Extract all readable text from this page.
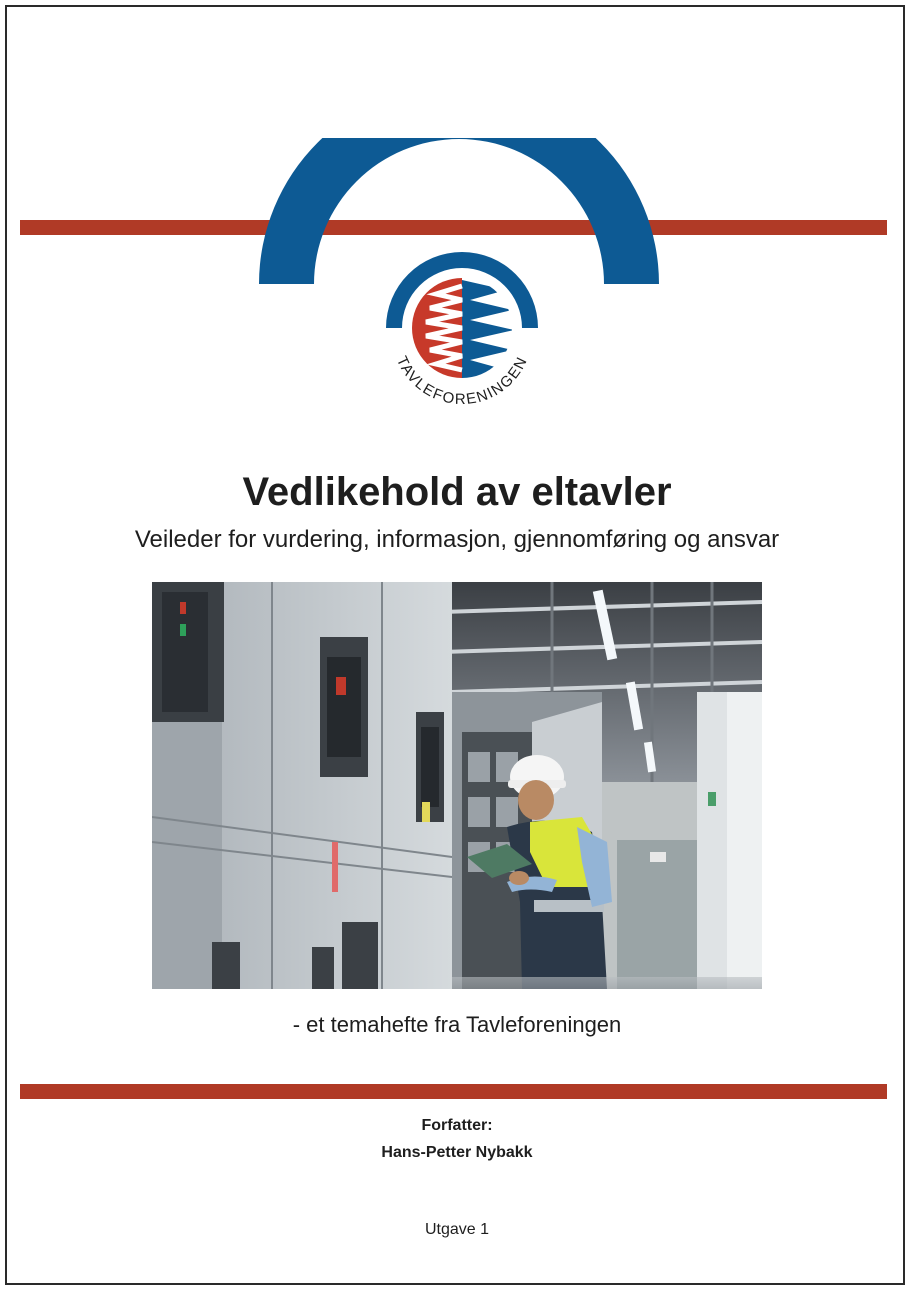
TAVLEFORENINGEN
Vedlikehold av eltavler
Veileder for vurdering, informasjon, gjennomføring og ansvar
- et temahefte fra Tavleforeningen
Forfatter:
Hans-Petter Nybakk
Utgave 1
